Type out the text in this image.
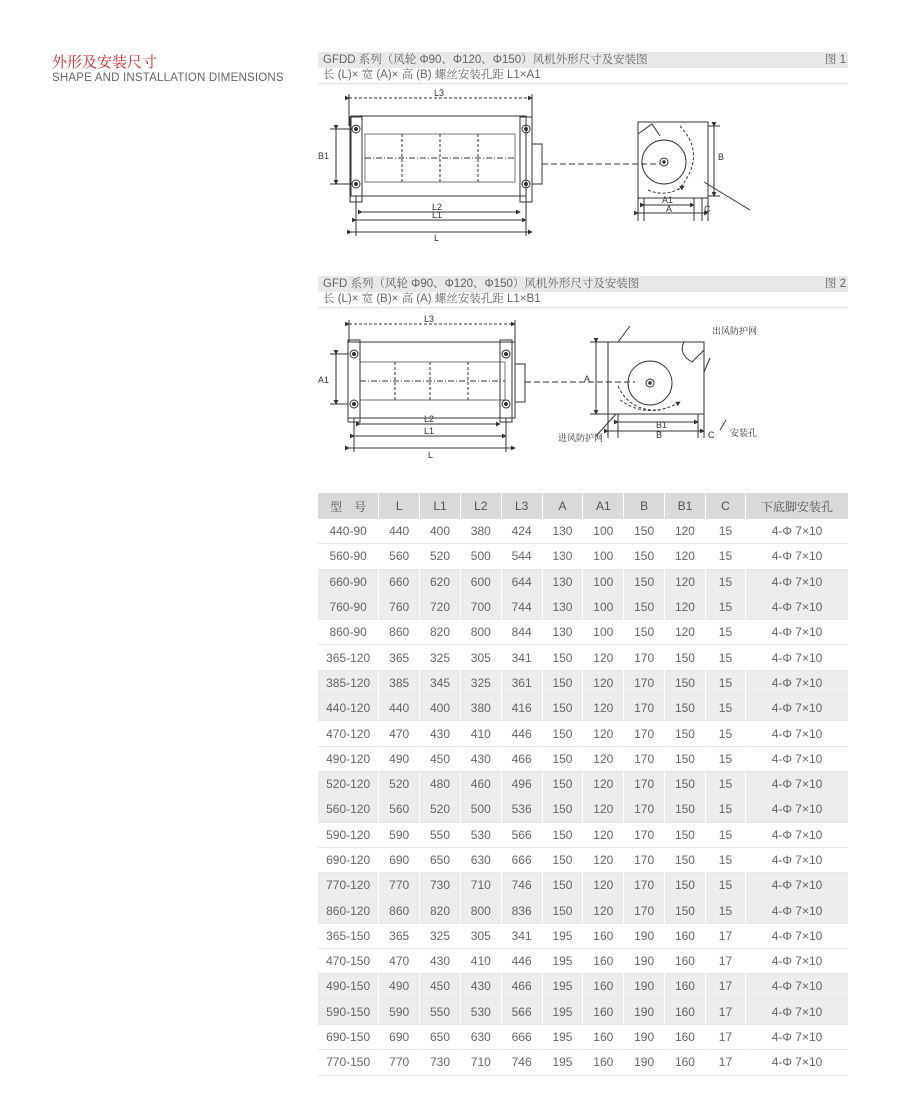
外形及安装尺寸
SHAPE AND INSTALLATION DIMENSIONS
GFDD 系列（风轮 Φ90、Φ120、Φ150）风机外形尺寸及安装图	图 1
长 (L)× 宽 (A)× 高 (B) 螺丝安装孔距 L1×A1
L3
B1
L2
L1
L
B
A1
A	C
GFD 系列（风轮 Φ90、Φ120、Φ150）风机外形尺寸及安装图	图 2
长 (L)× 宽 (B)× 高 (A) 螺丝安装孔距 L1×B1
L3
A1
L2
L1
L
A
B1
B	C
出风防护网
进风防护网	安装孔
型　号	L	L1	L2	L3	A	A1	B	B1	C	下底脚安装孔
440-90	440	400	380	424	130	100	150	120	15	4-Φ 7×10
560-90	560	520	500	544	130	100	150	120	15	4-Φ 7×10
660-90	660	620	600	644	130	100	150	120	15	4-Φ 7×10
760-90	760	720	700	744	130	100	150	120	15	4-Φ 7×10
860-90	860	820	800	844	130	100	150	120	15	4-Φ 7×10
365-120	365	325	305	341	150	120	170	150	15	4-Φ 7×10
385-120	385	345	325	361	150	120	170	150	15	4-Φ 7×10
440-120	440	400	380	416	150	120	170	150	15	4-Φ 7×10
470-120	470	430	410	446	150	120	170	150	15	4-Φ 7×10
490-120	490	450	430	466	150	120	170	150	15	4-Φ 7×10
520-120	520	480	460	496	150	120	170	150	15	4-Φ 7×10
560-120	560	520	500	536	150	120	170	150	15	4-Φ 7×10
590-120	590	550	530	566	150	120	170	150	15	4-Φ 7×10
690-120	690	650	630	666	150	120	170	150	15	4-Φ 7×10
770-120	770	730	710	746	150	120	170	150	15	4-Φ 7×10
860-120	860	820	800	836	150	120	170	150	15	4-Φ 7×10
365-150	365	325	305	341	195	160	190	160	17	4-Φ 7×10
470-150	470	430	410	446	195	160	190	160	17	4-Φ 7×10
490-150	490	450	430	466	195	160	190	160	17	4-Φ 7×10
590-150	590	550	530	566	195	160	190	160	17	4-Φ 7×10
690-150	690	650	630	666	195	160	190	160	17	4-Φ 7×10
770-150	770	730	710	746	195	160	190	160	17	4-Φ 7×10
